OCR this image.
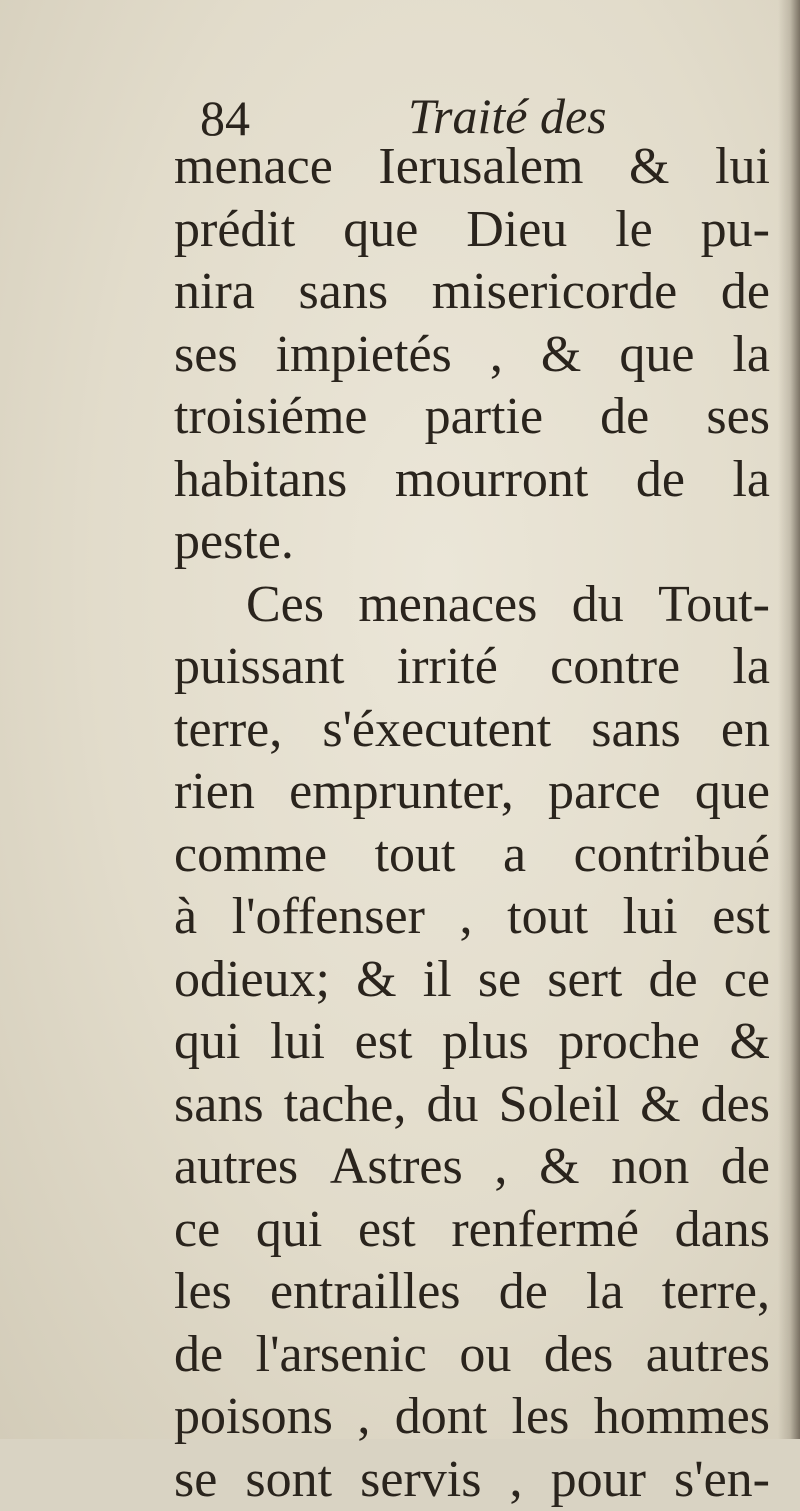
84	Traité des
menace Ierusalem & lui
prédit que Dieu le pu-
nira sans misericorde de
ses impietés , & que la
troisiéme partie de ses
habitans mourront de la
peste.
Ces menaces du Tout-
puissant irrité contre la
terre, s'éxecutent sans en
rien emprunter, parce que
comme tout a contribué
à l'offenser , tout lui est
odieux; & il se sert de ce
qui lui est plus proche &
sans tache, du Soleil & des
autres Astres , & non de
ce qui est renfermé dans
les entrailles de la terre,
de l'arsenic ou des autres
poisons , dont les hommes
se sont servis , pour s'en-
